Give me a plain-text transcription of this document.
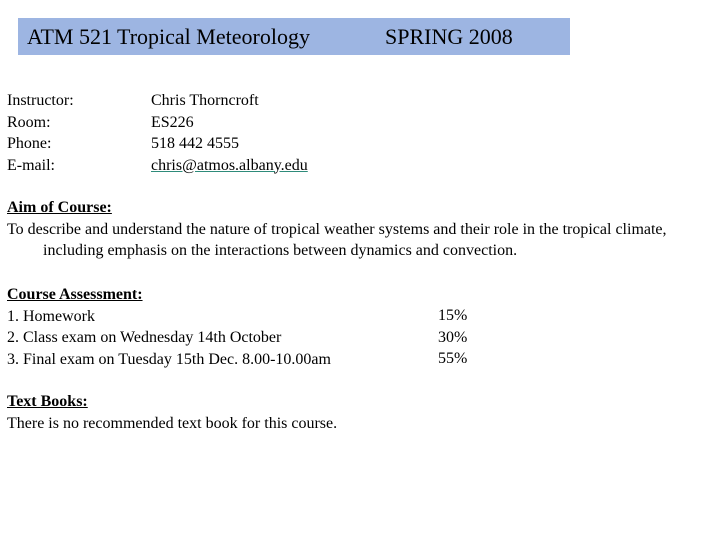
ATM 521 Tropical Meteorology	SPRING 2008
Instructor:
Room:
Phone:
E-mail:
Chris Thorncroft
ES226
518 442 4555
chris@atmos.albany.edu
Aim of Course:
To describe and understand the nature of tropical weather systems and their role in the tropical climate, including emphasis on the interactions between dynamics and convection.
Course Assessment:
1. Homework
2. Class exam on Wednesday 14th October
3. Final exam on Tuesday 15th Dec. 8.00-10.00am
15%
30%
55%
Text Books:
There is no recommended text book for this course.
